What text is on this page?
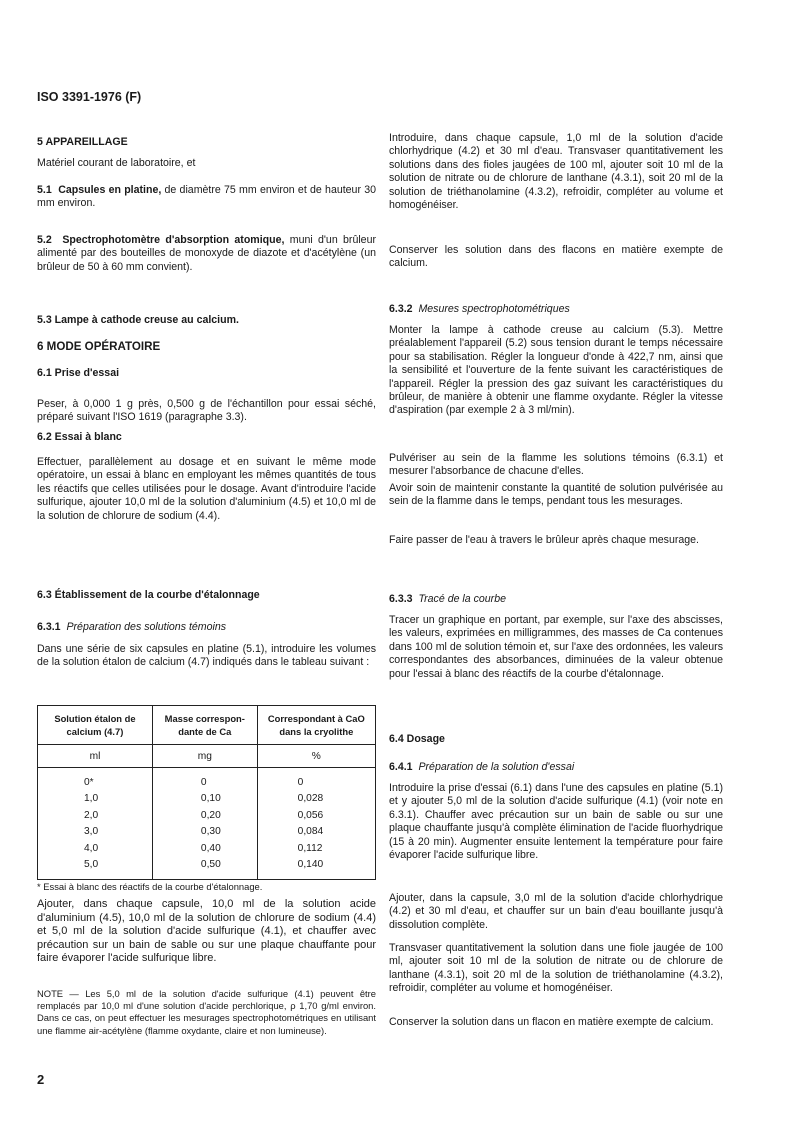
ISO 3391-1976 (F)
5 APPAREILLAGE
Matériel courant de laboratoire, et
5.1 Capsules en platine, de diamètre 75 mm environ et de hauteur 30 mm environ.
5.2 Spectrophotomètre d'absorption atomique, muni d'un brûleur alimenté par des bouteilles de monoxyde de diazote et d'acétylène (un brûleur de 50 à 60 mm convient).
5.3 Lampe à cathode creuse au calcium.
6 MODE OPÉRATOIRE
6.1 Prise d'essai
Peser, à 0,000 1 g près, 0,500 g de l'échantillon pour essai séché, préparé suivant l'ISO 1619 (paragraphe 3.3).
6.2 Essai à blanc
Effectuer, parallèlement au dosage et en suivant le même mode opératoire, un essai à blanc en employant les mêmes quantités de tous les réactifs que celles utilisées pour le dosage. Avant d'introduire l'acide sulfurique, ajouter 10,0 ml de la solution d'aluminium (4.5) et 10,0 ml de la solution de chlorure de sodium (4.4).
6.3 Établissement de la courbe d'étalonnage
6.3.1 Préparation des solutions témoins
Dans une série de six capsules en platine (5.1), introduire les volumes de la solution étalon de calcium (4.7) indiqués dans le tableau suivant :
Solution étalon de calcium (4.7)	Masse correspon-dante de Ca	Correspondant à CaO dans la cryolithe
ml	mg	%
0*	0	0
1,0	0,10	0,028
2,0	0,20	0,056
3,0	0,30	0,084
4,0	0,40	0,112
5,0	0,50	0,140
* Essai à blanc des réactifs de la courbe d'étalonnage.
Ajouter, dans chaque capsule, 10,0 ml de la solution acide d'aluminium (4.5), 10,0 ml de la solution de chlorure de sodium (4.4) et 5,0 ml de la solution d'acide sulfurique (4.1), et chauffer avec précaution sur un bain de sable ou sur une plaque chauffante pour faire évaporer l'acide sulfurique libre.
NOTE — Les 5,0 ml de la solution d'acide sulfurique (4.1) peuvent être remplacés par 10,0 ml d'une solution d'acide perchlorique, ρ 1,70 g/ml environ. Dans ce cas, on peut effectuer les mesurages spectrophotométriques en utilisant une flamme air-acétylène (flamme oxydante, claire et non lumineuse).
2
Introduire, dans chaque capsule, 1,0 ml de la solution d'acide chlorhydrique (4.2) et 30 ml d'eau. Transvaser quantitativement les solutions dans des fioles jaugées de 100 ml, ajouter soit 10 ml de la solution de nitrate ou de chlorure de lanthane (4.3.1), soit 20 ml de la solution de triéthanolamine (4.3.2), refroidir, compléter au volume et homogénéiser.
Conserver les solution dans des flacons en matière exempte de calcium.
6.3.2 Mesures spectrophotométriques
Monter la lampe à cathode creuse au calcium (5.3). Mettre préalablement l'appareil (5.2) sous tension durant le temps nécessaire pour sa stabilisation. Régler la longueur d'onde à 422,7 nm, ainsi que la sensibilité et l'ouverture de la fente suivant les caractéristiques de l'appareil. Régler la pression des gaz suivant les caractéristiques du brûleur, de manière à obtenir une flamme oxydante. Régler la vitesse d'aspiration (par exemple 2 à 3 ml/min).
Pulvériser au sein de la flamme les solutions témoins (6.3.1) et mesurer l'absorbance de chacune d'elles.
Avoir soin de maintenir constante la quantité de solution pulvérisée au sein de la flamme dans le temps, pendant tous les mesurages.
Faire passer de l'eau à travers le brûleur après chaque mesurage.
6.3.3 Tracé de la courbe
Tracer un graphique en portant, par exemple, sur l'axe des abscisses, les valeurs, exprimées en milligrammes, des masses de Ca contenues dans 100 ml de solution témoin et, sur l'axe des ordonnées, les valeurs correspondantes des absorbances, diminuées de la valeur obtenue pour l'essai à blanc des réactifs de la courbe d'étalonnage.
6.4 Dosage
6.4.1 Préparation de la solution d'essai
Introduire la prise d'essai (6.1) dans l'une des capsules en platine (5.1) et y ajouter 5,0 ml de la solution d'acide sulfurique (4.1) (voir note en 6.3.1). Chauffer avec précaution sur un bain de sable ou sur une plaque chauffante jusqu'à complète élimination de l'acide fluorhydrique (15 à 20 min). Augmenter ensuite lentement la température pour faire évaporer l'acide sulfurique libre.
Ajouter, dans la capsule, 3,0 ml de la solution d'acide chlorhydrique (4.2) et 30 ml d'eau, et chauffer sur un bain d'eau bouillante jusqu'à dissolution complète.
Transvaser quantitativement la solution dans une fiole jaugée de 100 ml, ajouter soit 10 ml de la solution de nitrate ou de chlorure de lanthane (4.3.1), soit 20 ml de la solution de triéthanolamine (4.3.2), refroidir, compléter au volume et homogénéiser.
Conserver la solution dans un flacon en matière exempte de calcium.
